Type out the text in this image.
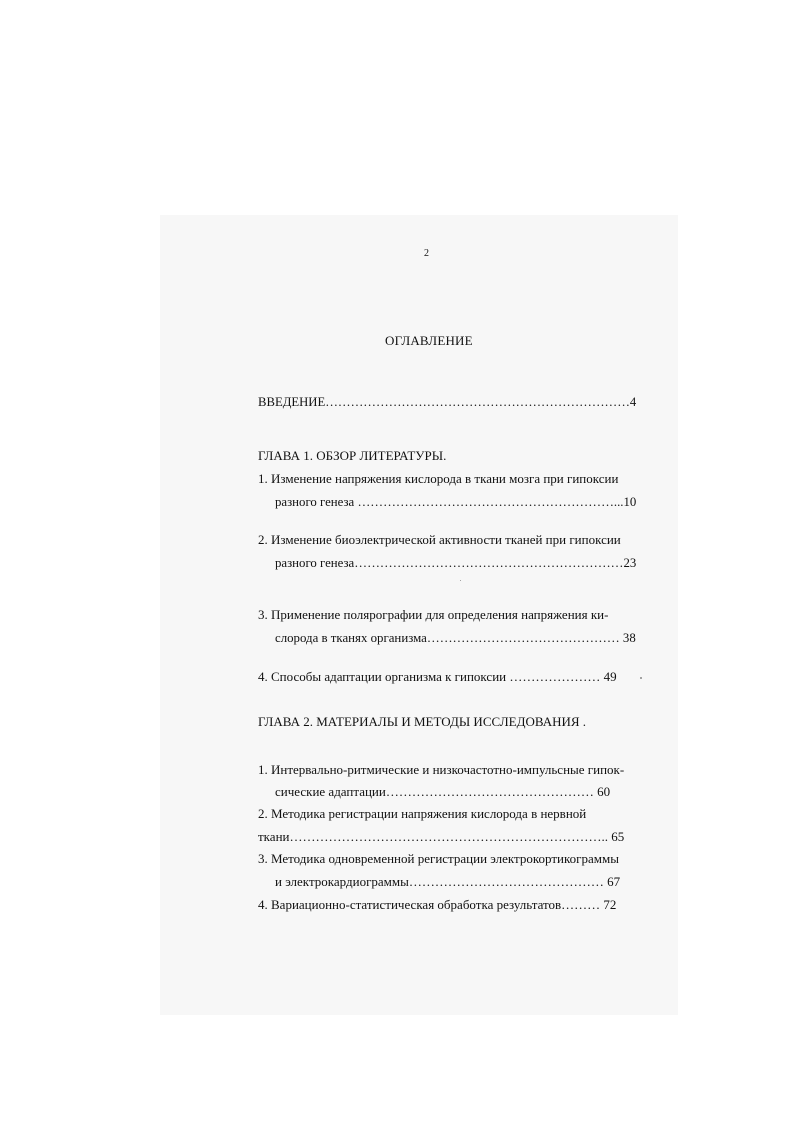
2
ОГЛАВЛЕНИЕ
ВВЕДЕНИЕ………………………………………………………………4
ГЛАВА 1. ОБЗОР ЛИТЕРАТУРЫ.
1. Изменение напряжения кислорода в ткани мозга при гипоксии
разного генеза ……………………………………………………...10
2. Изменение биоэлектрической активности тканей при гипоксии
разного генеза………………………………………………………23
3. Применение полярографии для определения напряжения ки-
слорода в тканях организма……………………………………… 38
4. Способы адаптации организма к гипоксии ………………… 49
ГЛАВА 2. МАТЕРИАЛЫ И МЕТОДЫ ИССЛЕДОВАНИЯ .
1. Интервально-ритмические и низкочастотно-импульсные гипок-
сические адаптации………………………………………… 60
2. Методика регистрации напряжения кислорода в нервной
ткани……………………………………………………………….. 65
3. Методика одновременной регистрации электрокортикограммы
и электрокардиограммы……………………………………… 67
4. Вариационно-статистическая обработка результатов……… 72
